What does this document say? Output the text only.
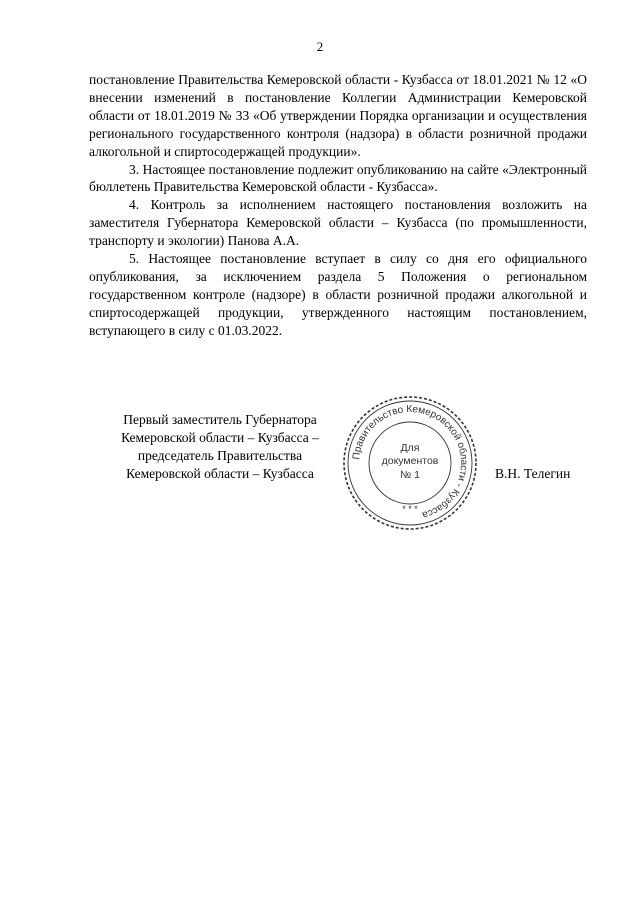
2

постановление Правительства Кемеровской области - Кузбасса от 18.01.2021 № 12 «О внесении изменений в постановление Коллегии Администрации Кемеровской области от 18.01.2019 № 33 «Об утверждении Порядка организации и осуществления регионального государственного контроля (надзора) в области розничной продажи алкогольной и спиртосодержащей продукции».

3. Настоящее постановление подлежит опубликованию на сайте «Электронный бюллетень Правительства Кемеровской области - Кузбасса».

4. Контроль за исполнением настоящего постановления возложить на заместителя Губернатора Кемеровской области – Кузбасса (по промышленности, транспорту и экологии) Панова А.А.

5. Настоящее постановление вступает в силу со дня его официального опубликования, за исключением раздела 5 Положения о региональном государственном контроле (надзоре) в области розничной продажи алкогольной и спиртосодержащей продукции, утвержденного настоящим постановлением, вступающего в силу с 01.03.2022.

Первый заместитель Губернатора
Кемеровской области – Кузбасса –
председатель Правительства
Кемеровской области – Кузбасса
Правительство Кемеровской области - Кузбасса
Для
документов
№ 1
* * *
В.Н. Телегин
